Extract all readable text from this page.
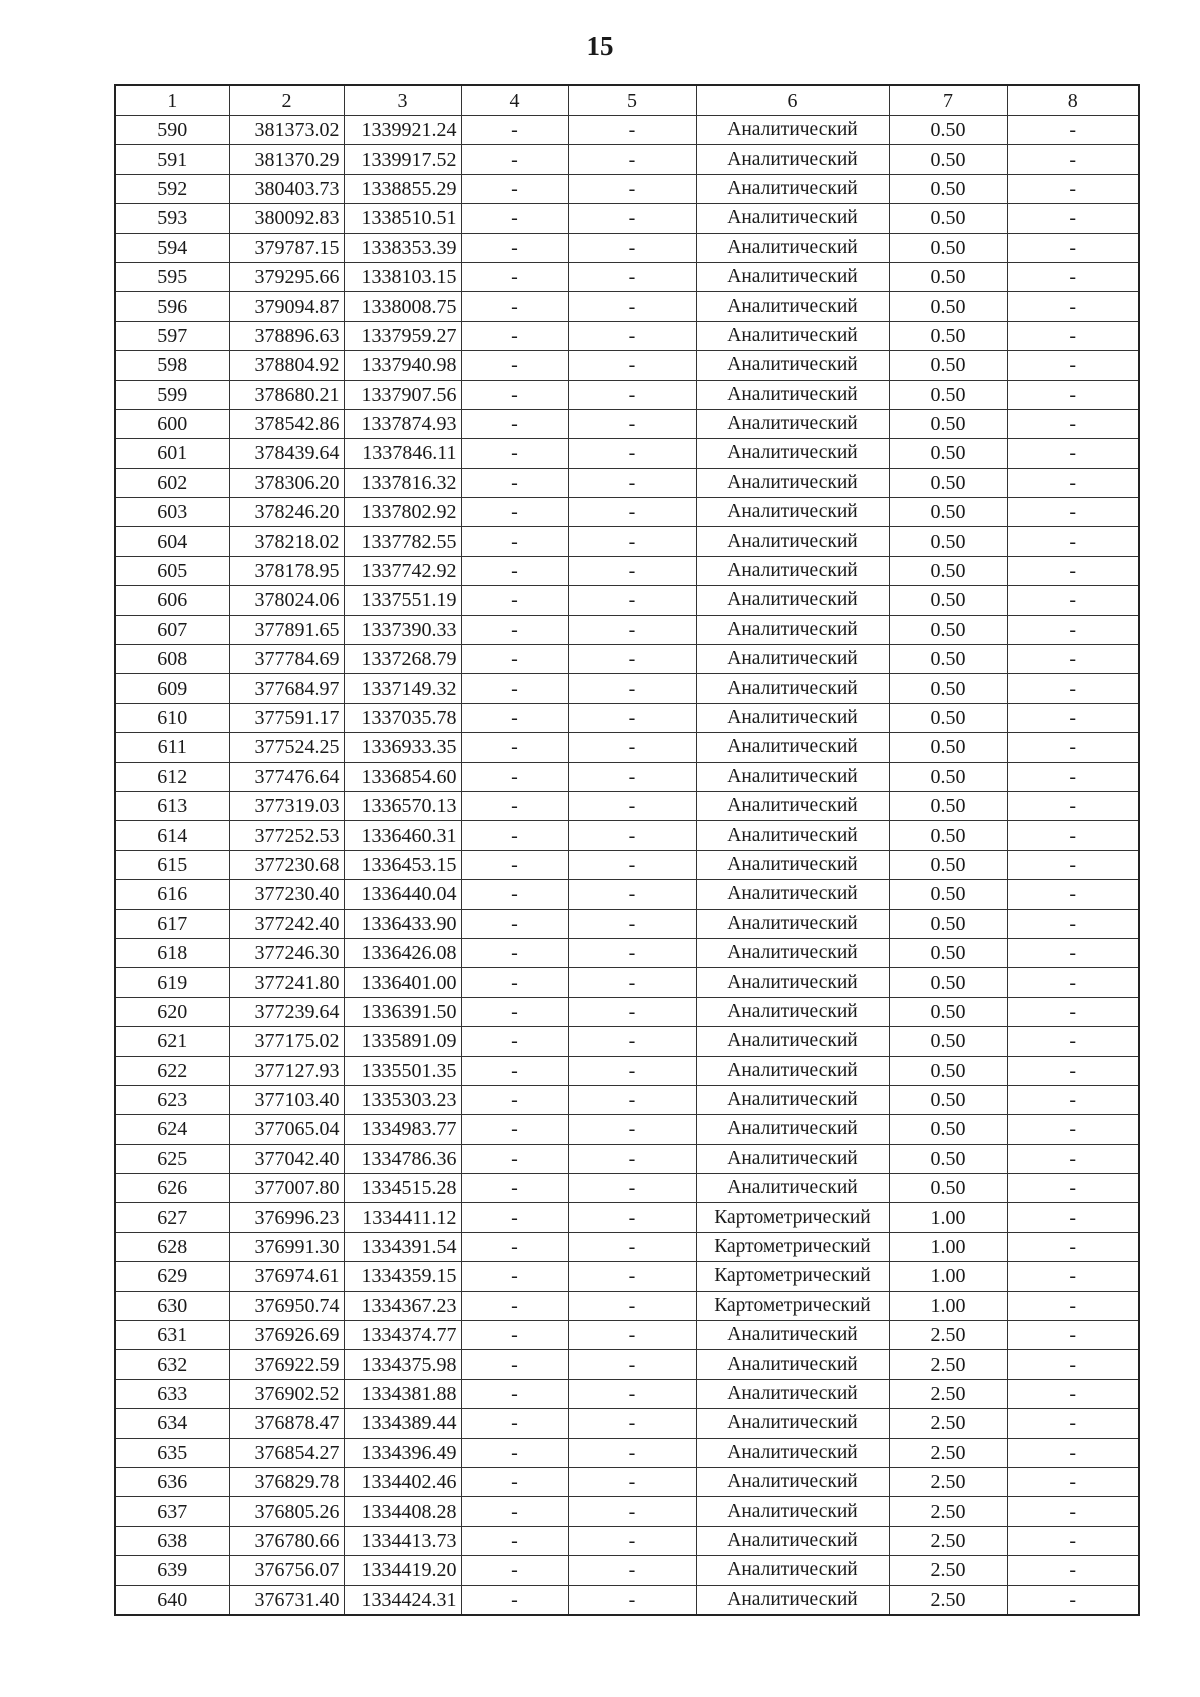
15
1	2	3	4	5	6	7	8
590	381373.02	1339921.24	-	-	Аналитический	0.50	-
591	381370.29	1339917.52	-	-	Аналитический	0.50	-
592	380403.73	1338855.29	-	-	Аналитический	0.50	-
593	380092.83	1338510.51	-	-	Аналитический	0.50	-
594	379787.15	1338353.39	-	-	Аналитический	0.50	-
595	379295.66	1338103.15	-	-	Аналитический	0.50	-
596	379094.87	1338008.75	-	-	Аналитический	0.50	-
597	378896.63	1337959.27	-	-	Аналитический	0.50	-
598	378804.92	1337940.98	-	-	Аналитический	0.50	-
599	378680.21	1337907.56	-	-	Аналитический	0.50	-
600	378542.86	1337874.93	-	-	Аналитический	0.50	-
601	378439.64	1337846.11	-	-	Аналитический	0.50	-
602	378306.20	1337816.32	-	-	Аналитический	0.50	-
603	378246.20	1337802.92	-	-	Аналитический	0.50	-
604	378218.02	1337782.55	-	-	Аналитический	0.50	-
605	378178.95	1337742.92	-	-	Аналитический	0.50	-
606	378024.06	1337551.19	-	-	Аналитический	0.50	-
607	377891.65	1337390.33	-	-	Аналитический	0.50	-
608	377784.69	1337268.79	-	-	Аналитический	0.50	-
609	377684.97	1337149.32	-	-	Аналитический	0.50	-
610	377591.17	1337035.78	-	-	Аналитический	0.50	-
611	377524.25	1336933.35	-	-	Аналитический	0.50	-
612	377476.64	1336854.60	-	-	Аналитический	0.50	-
613	377319.03	1336570.13	-	-	Аналитический	0.50	-
614	377252.53	1336460.31	-	-	Аналитический	0.50	-
615	377230.68	1336453.15	-	-	Аналитический	0.50	-
616	377230.40	1336440.04	-	-	Аналитический	0.50	-
617	377242.40	1336433.90	-	-	Аналитический	0.50	-
618	377246.30	1336426.08	-	-	Аналитический	0.50	-
619	377241.80	1336401.00	-	-	Аналитический	0.50	-
620	377239.64	1336391.50	-	-	Аналитический	0.50	-
621	377175.02	1335891.09	-	-	Аналитический	0.50	-
622	377127.93	1335501.35	-	-	Аналитический	0.50	-
623	377103.40	1335303.23	-	-	Аналитический	0.50	-
624	377065.04	1334983.77	-	-	Аналитический	0.50	-
625	377042.40	1334786.36	-	-	Аналитический	0.50	-
626	377007.80	1334515.28	-	-	Аналитический	0.50	-
627	376996.23	1334411.12	-	-	Картометрический	1.00	-
628	376991.30	1334391.54	-	-	Картометрический	1.00	-
629	376974.61	1334359.15	-	-	Картометрический	1.00	-
630	376950.74	1334367.23	-	-	Картометрический	1.00	-
631	376926.69	1334374.77	-	-	Аналитический	2.50	-
632	376922.59	1334375.98	-	-	Аналитический	2.50	-
633	376902.52	1334381.88	-	-	Аналитический	2.50	-
634	376878.47	1334389.44	-	-	Аналитический	2.50	-
635	376854.27	1334396.49	-	-	Аналитический	2.50	-
636	376829.78	1334402.46	-	-	Аналитический	2.50	-
637	376805.26	1334408.28	-	-	Аналитический	2.50	-
638	376780.66	1334413.73	-	-	Аналитический	2.50	-
639	376756.07	1334419.20	-	-	Аналитический	2.50	-
640	376731.40	1334424.31	-	-	Аналитический	2.50	-
